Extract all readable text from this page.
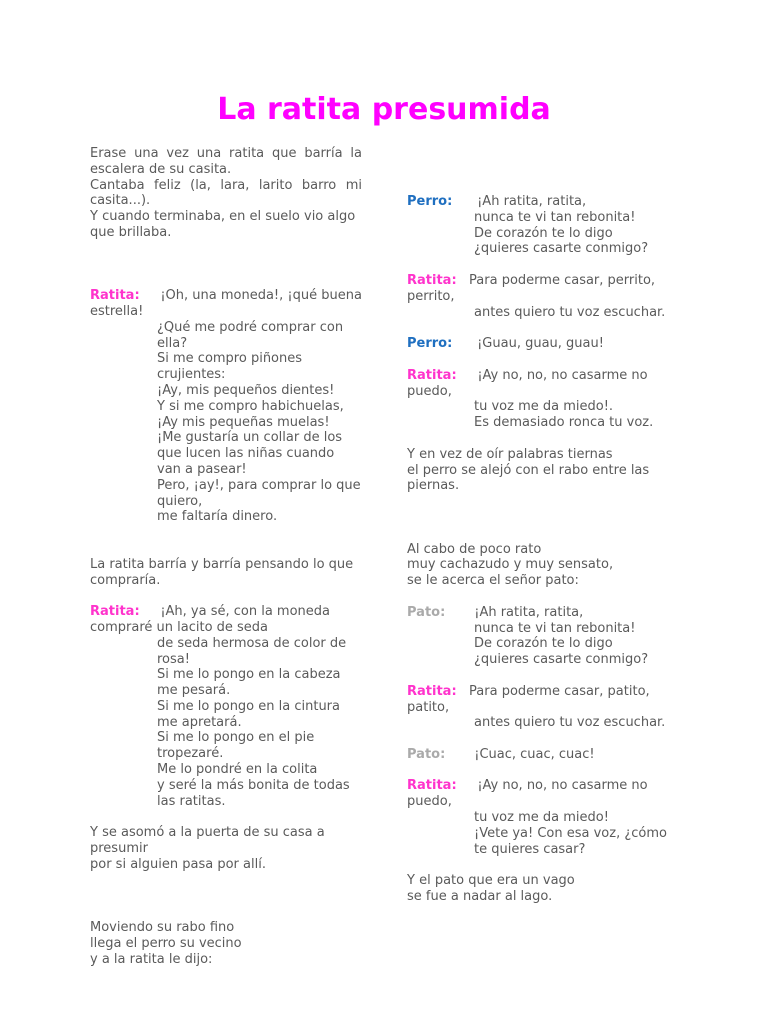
La ratita presumida

Erase una vez una ratita que barría la escalera de su casita.

Cantaba feliz (la, lara, larito barro mi casita...).

Y cuando terminaba, en el suelo vio algo que brillaba.

Ratita: ¡Oh, una moneda!, ¡qué buena estrella!

¿Qué me podré comprar con ella?

Si me compro piñones crujientes:

¡Ay, mis pequeños dientes!

Y si me compro habichuelas,

¡Ay mis pequeñas muelas!

¡Me gustaría un collar de los que lucen las niñas cuando van a pasear!

Pero, ¡ay!, para comprar lo que quiero,

me faltaría dinero.

La ratita barría y barría pensando lo que compraría.

Ratita: ¡Ah, ya sé, con la moneda compraré un lacito de seda

de seda hermosa de color de rosa!

Si me lo pongo en la cabeza me pesará.

Si me lo pongo en la cintura me apretará.

Si me lo pongo en el pie tropezaré.

Me lo pondré en la colita

y seré la más bonita de todas las ratitas.

Y se asomó a la puerta de su casa a presumir

por si alguien pasa por allí.

Moviendo su rabo fino

llega el perro su vecino

y a la ratita le dijo:

Perro: ¡Ah ratita, ratita,

nunca te vi tan rebonita!

De corazón te lo digo

¿quieres casarte conmigo?

Ratita: Para poderme casar, perrito, perrito,

antes quiero tu voz escuchar.

Perro: ¡Guau, guau, guau!

Ratita: ¡Ay no, no, no casarme no puedo,

tu voz me da miedo!.

Es demasiado ronca tu voz.

Y en vez de oír palabras tiernas

el perro se alejó con el rabo entre las piernas.

Al cabo de poco rato

muy cachazudo y muy sensato,

se le acerca el señor pato:

Pato: ¡Ah ratita, ratita,

nunca te vi tan rebonita!

De corazón te lo digo

¿quieres casarte conmigo?

Ratita: Para poderme casar, patito, patito,

antes quiero tu voz escuchar.

Pato: ¡Cuac, cuac, cuac!

Ratita: ¡Ay no, no, no casarme no puedo,

tu voz me da miedo!

¡Vete ya! Con esa voz, ¿cómo te quieres casar?

Y el pato que era un vago

se fue a nadar al lago.
